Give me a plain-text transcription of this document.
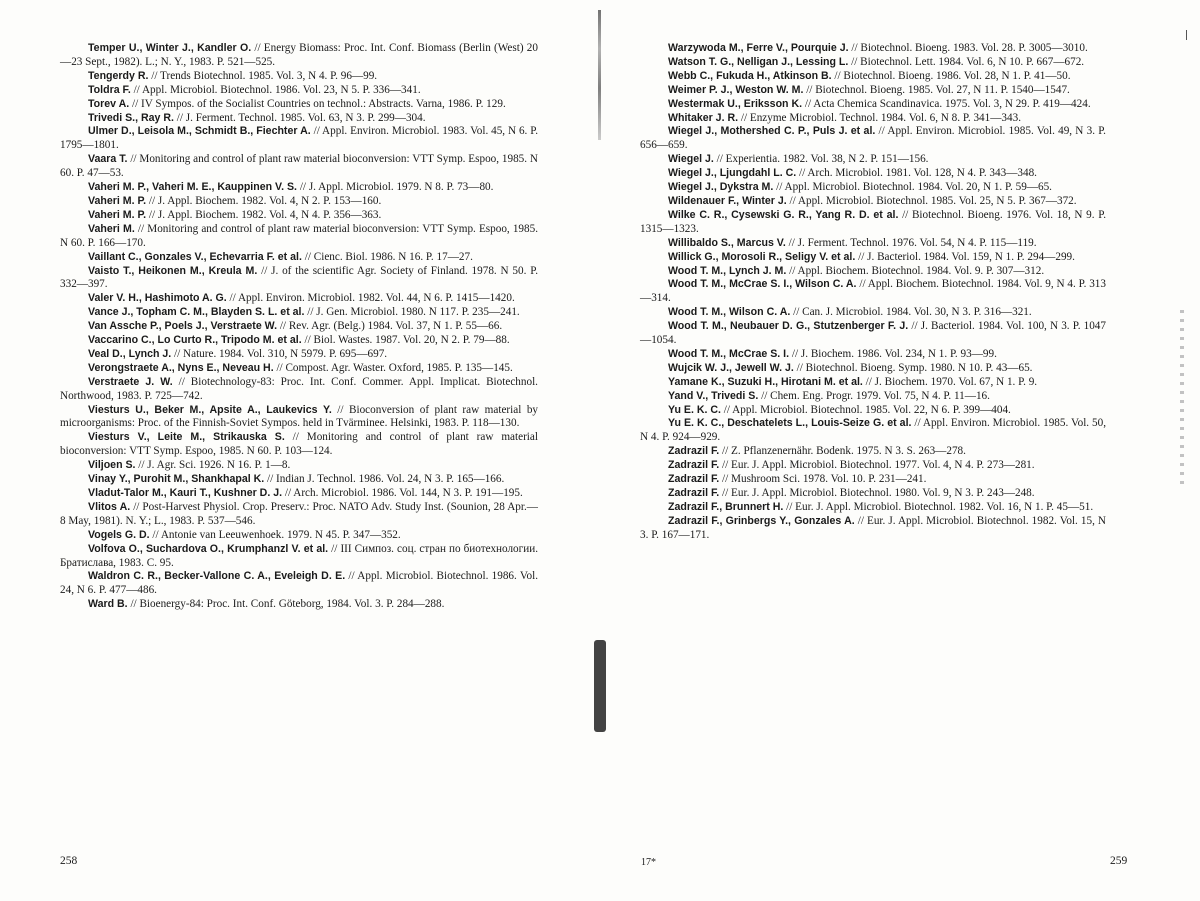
Temper U., Winter J., Kandler O. // Energy Biomass: Proc. Int. Conf. Biomass (Berlin (West) 20—23 Sept., 1982). L.; N. Y., 1983. P. 521—525.

Tengerdy R. // Trends Biotechnol. 1985. Vol. 3, N 4. P. 96—99.

Toldra F. // Appl. Microbiol. Biotechnol. 1986. Vol. 23, N 5. P. 336—341.

Torev A. // IV Sympos. of the Socialist Countries on technol.: Abstracts. Varna, 1986. P. 129.

Trivedi S., Ray R. // J. Ferment. Technol. 1985. Vol. 63, N 3. P. 299—304.

Ulmer D., Leisola M., Schmidt B., Fiechter A. // Appl. Environ. Microbiol. 1983. Vol. 45, N 6. P. 1795—1801.

Vaara T. // Monitoring and control of plant raw material bioconversion: VTT Symp. Espoo, 1985. N 60. P. 47—53.

Vaheri M. P., Vaheri M. E., Kauppinen V. S. // J. Appl. Microbiol. 1979. N 8. P. 73—80.

Vaheri M. P. // J. Appl. Biochem. 1982. Vol. 4, N 2. P. 153—160.

Vaheri M. P. // J. Appl. Biochem. 1982. Vol. 4, N 4. P. 356—363.

Vaheri M. // Monitoring and control of plant raw material bioconversion: VTT Symp. Espoo, 1985. N 60. P. 166—170.

Vaillant C., Gonzales V., Echevarria F. et al. // Cienc. Biol. 1986. N 16. P. 17—27.

Vaisto T., Heikonen M., Kreula M. // J. of the scientific Agr. Society of Finland. 1978. N 50. P. 332—397.

Valer V. H., Hashimoto A. G. // Appl. Environ. Microbiol. 1982. Vol. 44, N 6. P. 1415—1420.

Vance J., Topham C. M., Blayden S. L. et al. // J. Gen. Microbiol. 1980. N 117. P. 235—241.

Van Assche P., Poels J., Verstraete W. // Rev. Agr. (Belg.) 1984. Vol. 37, N 1. P. 55—66.

Vaccarino C., Lo Curto R., Tripodo M. et al. // Biol. Wastes. 1987. Vol. 20, N 2. P. 79—88.

Veal D., Lynch J. // Nature. 1984. Vol. 310, N 5979. P. 695—697.

Verongstraete A., Nyns E., Neveau H. // Compost. Agr. Waster. Oxford, 1985. P. 135—145.

Verstraete J. W. // Biotechnology-83: Proc. Int. Conf. Commer. Appl. Implicat. Biotechnol. Northwood, 1983. P. 725—742.

Viesturs U., Beker M., Apsite A., Laukevics Y. // Bioconversion of plant raw material by microorganisms: Proc. of the Finnish-Soviet Sympos. held in Tvärminee. Helsinki, 1983. P. 118—130.

Viesturs V., Leite M., Strikauska S. // Monitoring and control of plant raw material bioconversion: VTT Symp. Espoo, 1985. N 60. P. 103—124.

Viljoen S. // J. Agr. Sci. 1926. N 16. P. 1—8.

Vinay Y., Purohit M., Shankhapal K. // Indian J. Technol. 1986. Vol. 24, N 3. P. 165—166.

Vladut-Talor M., Kauri T., Kushner D. J. // Arch. Microbiol. 1986. Vol. 144, N 3. P. 191—195.

Vlitos A. // Post-Harvest Physiol. Crop. Preserv.: Proc. NATO Adv. Study Inst. (Sounion, 28 Apr.—8 May, 1981). N. Y.; L., 1983. P. 537—546.

Vogels G. D. // Antonie van Leeuwenhoek. 1979. N 45. P. 347—352.

Volfova O., Suchardova O., Krumphanzl V. et al. // III Симпоз. соц. стран по биотехнологии. Братислава, 1983. С. 95.

Waldron C. R., Becker-Vallone C. A., Eveleigh D. E. // Appl. Microbiol. Biotechnol. 1986. Vol. 24, N 6. P. 477—486.

Ward B. // Bioenergy-84: Proc. Int. Conf. Göteborg, 1984. Vol. 3. P. 284—288.

Warzywoda M., Ferre V., Pourquie J. // Biotechnol. Bioeng. 1983. Vol. 28. P. 3005—3010.

Watson T. G., Nelligan J., Lessing L. // Biotechnol. Lett. 1984. Vol. 6, N 10. P. 667—672.

Webb C., Fukuda H., Atkinson B. // Biotechnol. Bioeng. 1986. Vol. 28, N 1. P. 41—50.

Weimer P. J., Weston W. M. // Biotechnol. Bioeng. 1985. Vol. 27, N 11. P. 1540—1547.

Westermak U., Eriksson K. // Acta Chemica Scandinavica. 1975. Vol. 3, N 29. P. 419—424.

Whitaker J. R. // Enzyme Microbiol. Technol. 1984. Vol. 6, N 8. P. 341—343.

Wiegel J., Mothershed C. P., Puls J. et al. // Appl. Environ. Microbiol. 1985. Vol. 49, N 3. P. 656—659.

Wiegel J. // Experientia. 1982. Vol. 38, N 2. P. 151—156.

Wiegel J., Ljungdahl L. C. // Arch. Microbiol. 1981. Vol. 128, N 4. P. 343—348.

Wiegel J., Dykstra M. // Appl. Microbiol. Biotechnol. 1984. Vol. 20, N 1. P. 59—65.

Wildenauer F., Winter J. // Appl. Microbiol. Biotechnol. 1985. Vol. 25, N 5. P. 367—372.

Wilke C. R., Cysewski G. R., Yang R. D. et al. // Biotechnol. Bioeng. 1976. Vol. 18, N 9. P. 1315—1323.

Willibaldo S., Marcus V. // J. Ferment. Technol. 1976. Vol. 54, N 4. P. 115—119.

Willick G., Morosoli R., Seligy V. et al. // J. Bacteriol. 1984. Vol. 159, N 1. P. 294—299.

Wood T. M., Lynch J. M. // Appl. Biochem. Biotechnol. 1984. Vol. 9. P. 307—312.

Wood T. M., McCrae S. I., Wilson C. A. // Appl. Biochem. Biotechnol. 1984. Vol. 9, N 4. P. 313—314.

Wood T. M., Wilson C. A. // Can. J. Microbiol. 1984. Vol. 30, N 3. P. 316—321.

Wood T. M., Neubauer D. G., Stutzenberger F. J. // J. Bacteriol. 1984. Vol. 100, N 3. P. 1047—1054.

Wood T. M., McCrae S. I. // J. Biochem. 1986. Vol. 234, N 1. P. 93—99.

Wujcik W. J., Jewell W. J. // Biotechnol. Bioeng. Symp. 1980. N 10. P. 43—65.

Yamane K., Suzuki H., Hirotani M. et al. // J. Biochem. 1970. Vol. 67, N 1. P. 9.

Yand V., Trivedi S. // Chem. Eng. Progr. 1979. Vol. 75, N 4. P. 11—16.

Yu E. K. C. // Appl. Microbiol. Biotechnol. 1985. Vol. 22, N 6. P. 399—404.

Yu E. K. C., Deschatelets L., Louis-Seize G. et al. // Appl. Environ. Microbiol. 1985. Vol. 50, N 4. P. 924—929.

Zadrazil F. // Z. Pflanzenernähr. Bodenk. 1975. N 3. S. 263—278.

Zadrazil F. // Eur. J. Appl. Microbiol. Biotechnol. 1977. Vol. 4, N 4. P. 273—281.

Zadrazil F. // Mushroom Sci. 1978. Vol. 10. P. 231—241.

Zadrazil F. // Eur. J. Appl. Microbiol. Biotechnol. 1980. Vol. 9, N 3. P. 243—248.

Zadrazil F., Brunnert H. // Eur. J. Appl. Microbiol. Biotechnol. 1982. Vol. 16, N 1. P. 45—51.

Zadrazil F., Grinbergs Y., Gonzales A. // Eur. J. Appl. Microbiol. Biotechnol. 1982. Vol. 15, N 3. P. 167—171.

258	17*	259
